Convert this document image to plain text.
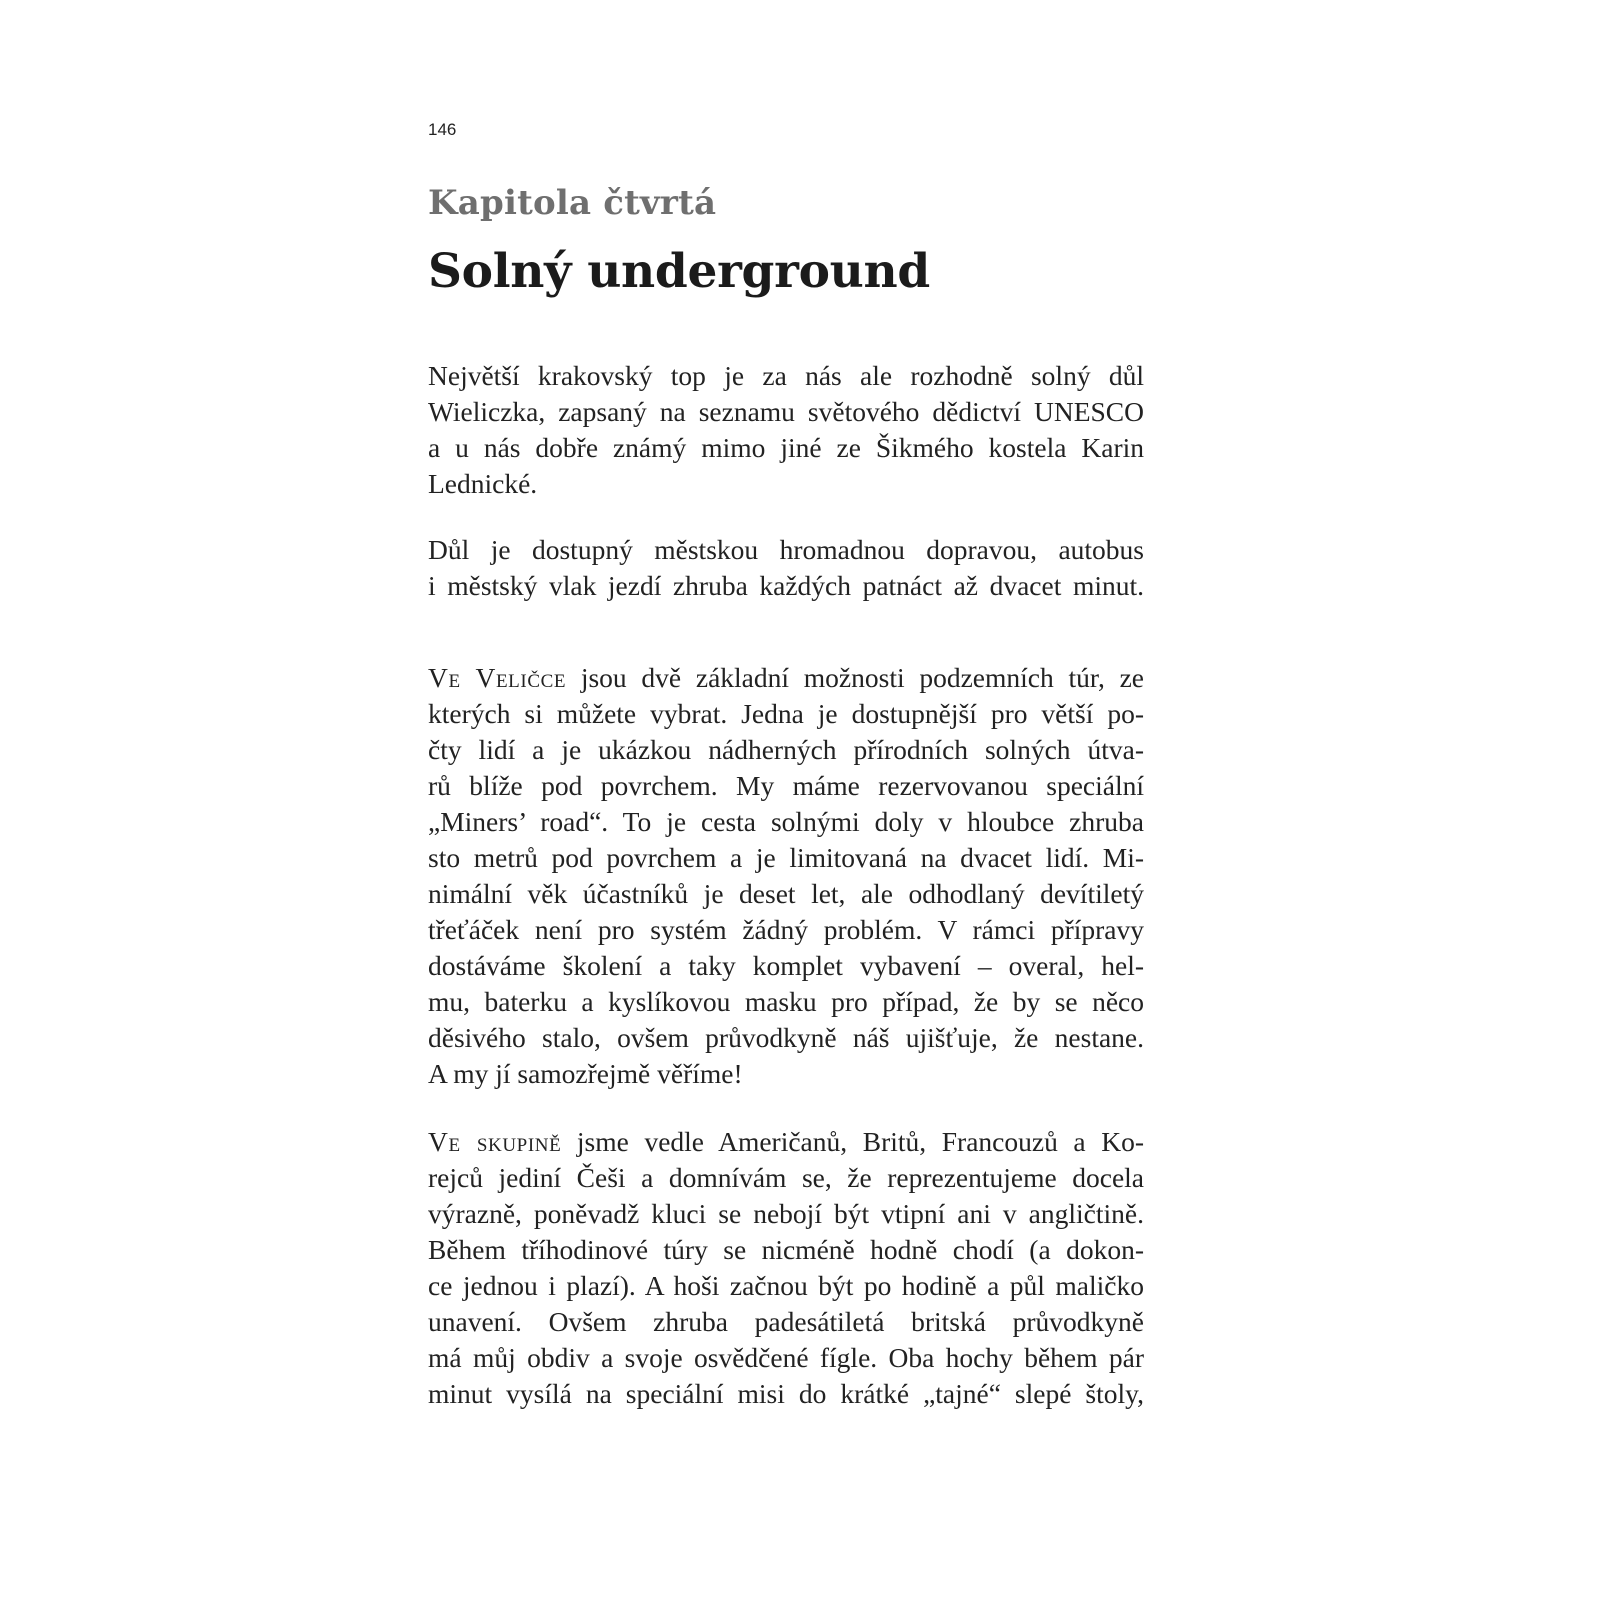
146
Kapitola čtvrtá
Solný underground
Největší krakovský top je za nás ale rozhodně solný důl
Wieliczka, zapsaný na seznamu světového dědictví UNESCO
a u nás dobře známý mimo jiné ze Šikmého kostela Karin
Lednické.
Důl je dostupný městskou hromadnou dopravou, autobus
i městský vlak jezdí zhruba každých patnáct až dvacet minut.
Ve Veličce jsou dvě základní možnosti podzemních túr, ze
kterých si můžete vybrat. Jedna je dostupnější pro větší po-
čty lidí a je ukázkou nádherných přírodních solných útva-
rů blíže pod povrchem. My máme rezervovanou speciální
„Miners’ road“. To je cesta solnými doly v hloubce zhruba
sto metrů pod povrchem a je limitovaná na dvacet lidí. Mi-
nimální věk účastníků je deset let, ale odhodlaný devítiletý
třeťáček není pro systém žádný problém. V rámci přípravy
dostáváme školení a taky komplet vybavení – overal, hel-
mu, baterku a kyslíkovou masku pro případ, že by se něco
děsivého stalo, ovšem průvodkyně náš ujišťuje, že nestane.
A my jí samozřejmě věříme!
Ve skupině jsme vedle Američanů, Britů, Francouzů a Ko-
rejců jediní Češi a domnívám se, že reprezentujeme docela
výrazně, poněvadž kluci se nebojí být vtipní ani v angličtině.
Během tříhodinové túry se nicméně hodně chodí (a dokon-
ce jednou i plazí). A hoši začnou být po hodině a půl maličko
unavení. Ovšem zhruba padesátiletá britská průvodkyně
má můj obdiv a svoje osvědčené fígle. Oba hochy během pár
minut vysílá na speciální misi do krátké „tajné“ slepé štoly,
